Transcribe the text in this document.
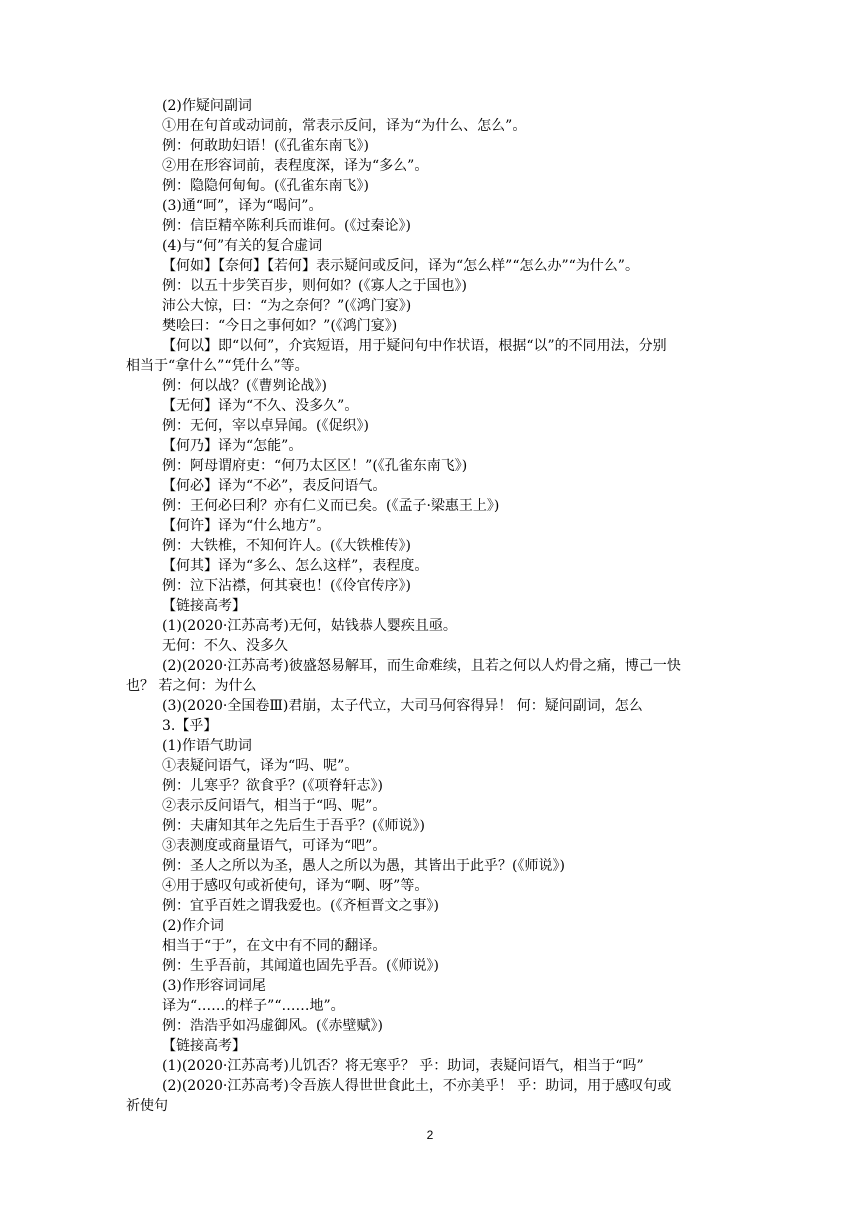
(2)作疑问副词
①用在句首或动词前，常表示反问，译为“为什么、怎么”。
例：何敢助妇语！(《孔雀东南飞》)
②用在形容词前，表程度深，译为“多么”。
例：隐隐何甸甸。(《孔雀东南飞》)
(3)通“呵”，译为“喝问”。
例：信臣精卒陈利兵而谁何。(《过秦论》)
(4)与“何”有关的复合虚词
【何如】【奈何】【若何】表示疑问或反问，译为“怎么样”“怎么办”“为什么”。
例：以五十步笑百步，则何如？(《寡人之于国也》)
沛公大惊，曰：“为之奈何？”(《鸿门宴》)
樊哙曰：“今日之事何如？”(《鸿门宴》)
【何以】即“以何”，介宾短语，用于疑问句中作状语，根据“以”的不同用法，分别
相当于“拿什么”“凭什么”等。
例：何以战？(《曹刿论战》)
【无何】译为“不久、没多久”。
例：无何，宰以卓异闻。(《促织》)
【何乃】译为“怎能”。
例：阿母谓府吏：“何乃太区区！”(《孔雀东南飞》)
【何必】译为“不必”，表反问语气。
例：王何必曰利？亦有仁义而已矣。(《孟子·梁惠王上》)
【何许】译为“什么地方”。
例：大铁椎，不知何许人。(《大铁椎传》)
【何其】译为“多么、怎么这样”，表程度。
例：泣下沾襟，何其衰也！(《伶官传序》)
【链接高考】
(1)(2020·江苏高考)无何，姑钱恭人婴疾且亟。
无何：不久、没多久
(2)(2020·江苏高考)彼盛怒易解耳，而生命难续，且若之何以人灼骨之痛，博己一快
也？ 若之何：为什么
(3)(2020·全国卷Ⅲ)君崩，太子代立，大司马何容得异！ 何：疑问副词，怎么
3.【乎】
(1)作语气助词
①表疑问语气，译为“吗、呢”。
例：儿寒乎？欲食乎？(《项脊轩志》)
②表示反问语气，相当于“吗、呢”。
例：夫庸知其年之先后生于吾乎？(《师说》)
③表测度或商量语气，可译为“吧”。
例：圣人之所以为圣，愚人之所以为愚，其皆出于此乎？(《师说》)
④用于感叹句或祈使句，译为“啊、呀”等。
例：宜乎百姓之谓我爱也。(《齐桓晋文之事》)
(2)作介词
相当于“于”，在文中有不同的翻译。
例：生乎吾前，其闻道也固先乎吾。(《师说》)
(3)作形容词词尾
译为“……的样子”“……地”。
例：浩浩乎如冯虚御风。(《赤壁赋》)
【链接高考】
(1)(2020·江苏高考)儿饥否？将无寒乎？ 乎：助词，表疑问语气，相当于“吗”
(2)(2020·江苏高考)令吾族人得世世食此土，不亦美乎！ 乎：助词，用于感叹句或
祈使句
2
